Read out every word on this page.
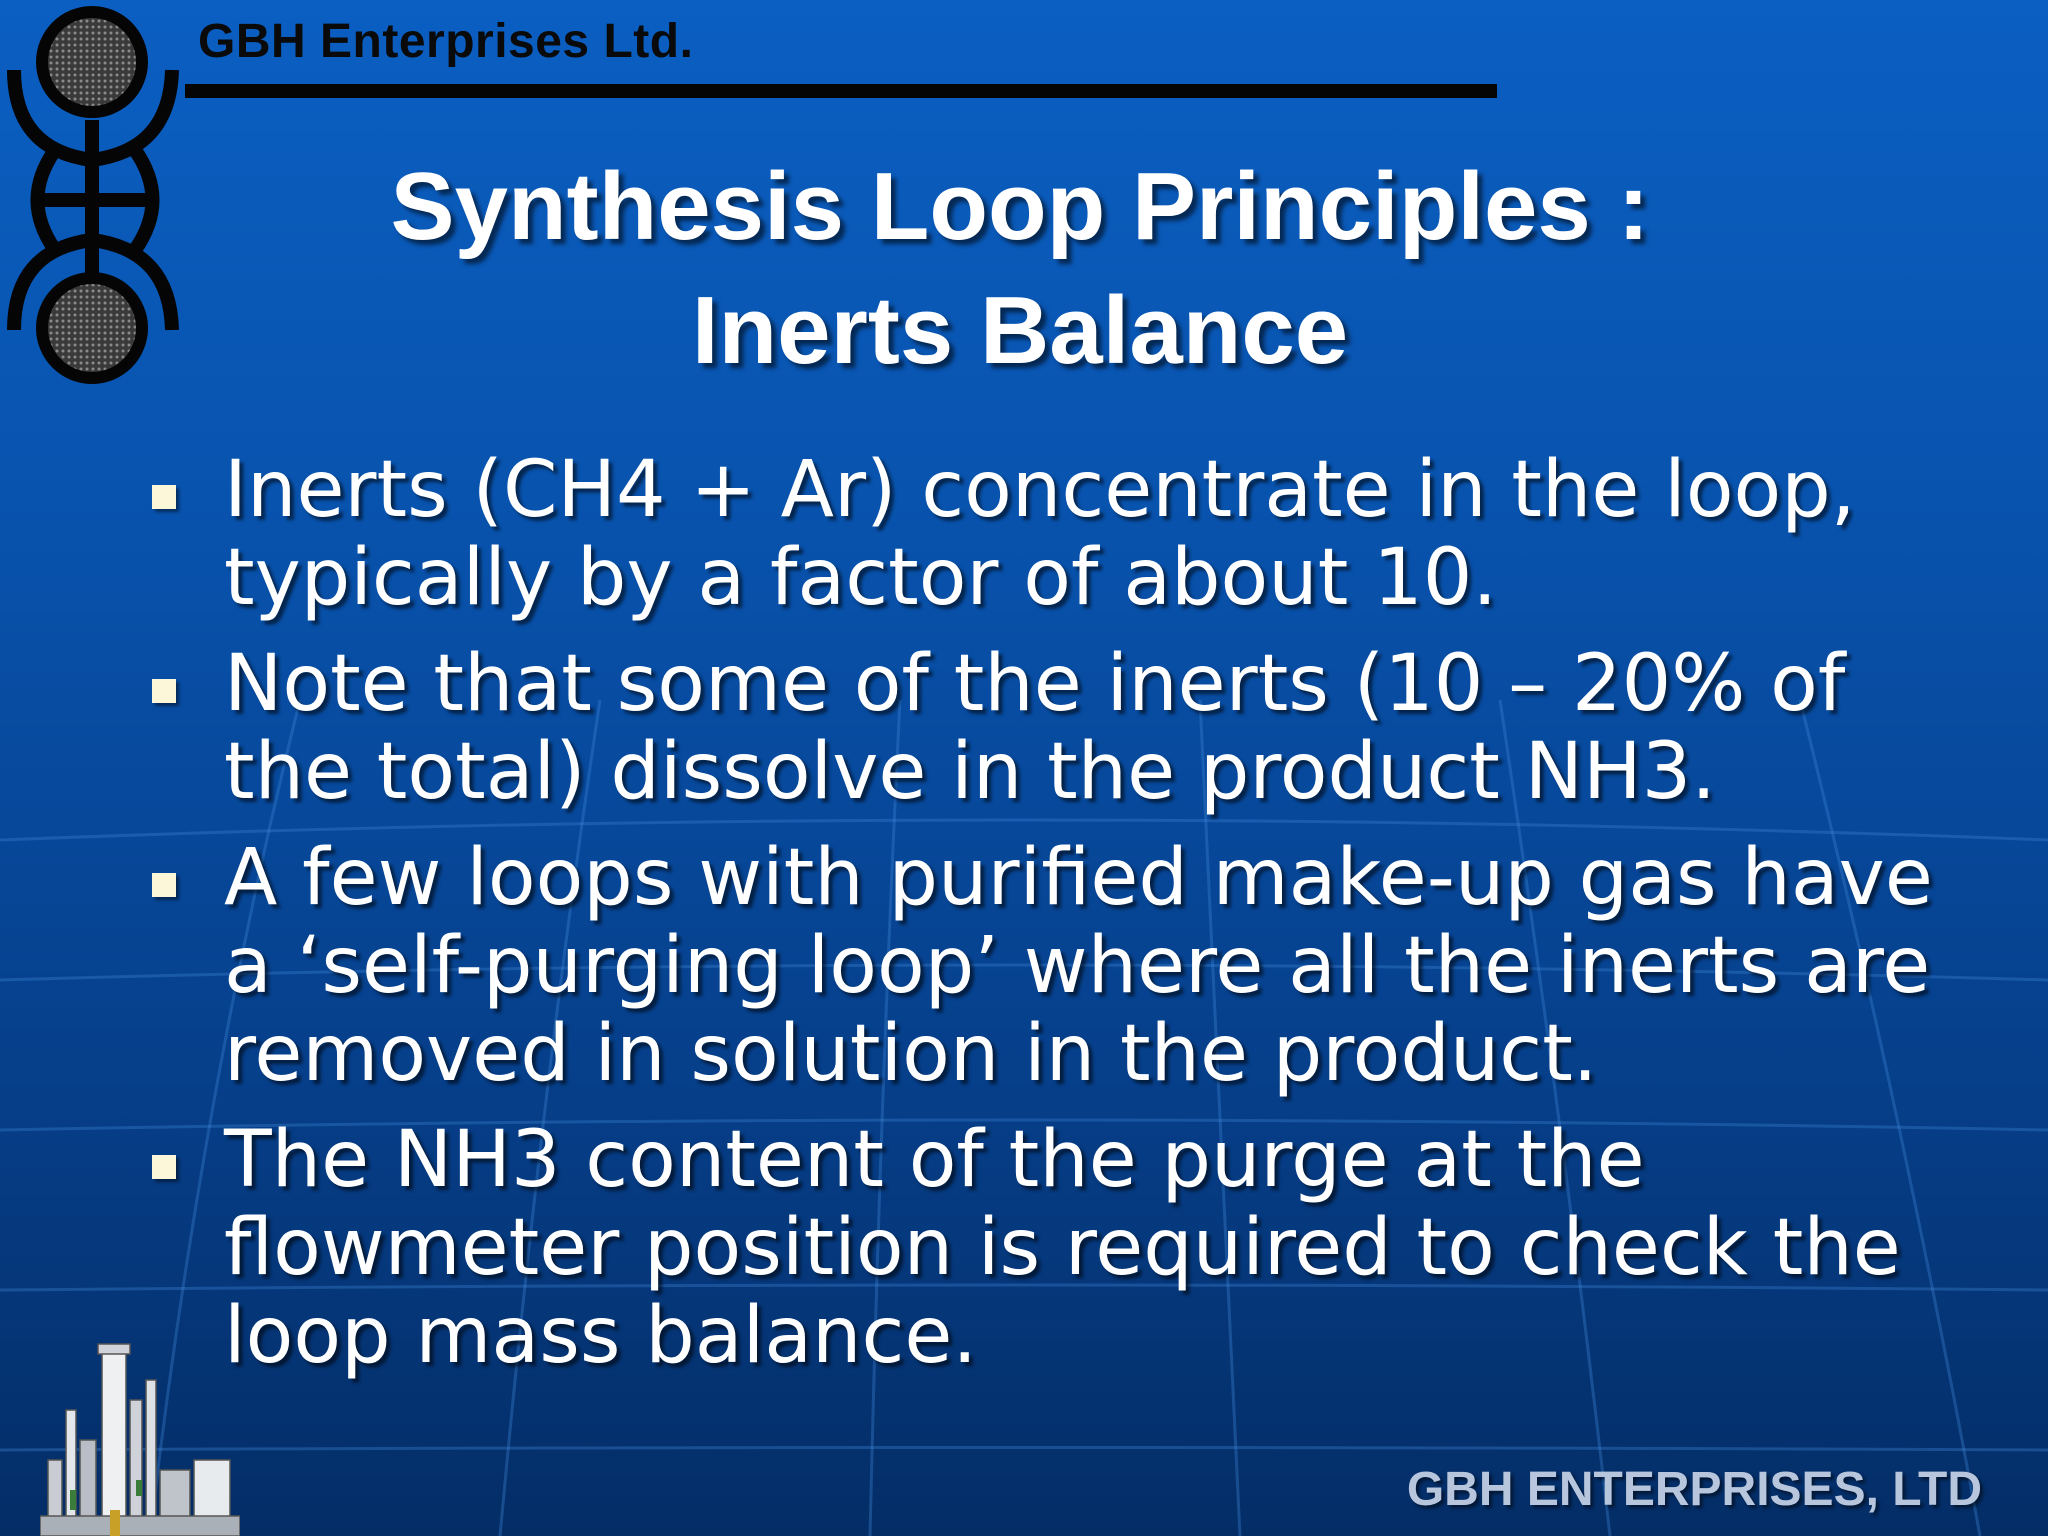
GBH Enterprises Ltd.
Synthesis Loop Principles :
Inerts Balance
Inerts (CH4 + Ar) concentrate in the loop, typically by a factor of about 10.
Note that some of the inerts (10 – 20% of the total) dissolve in the product NH3.
A few loops with purified make-up gas have a ‘self-purging loop’ where all the inerts are removed in solution in the product.
The NH3 content of the purge at the flowmeter position is required to check the loop mass balance.
GBH ENTERPRISES, LTD
